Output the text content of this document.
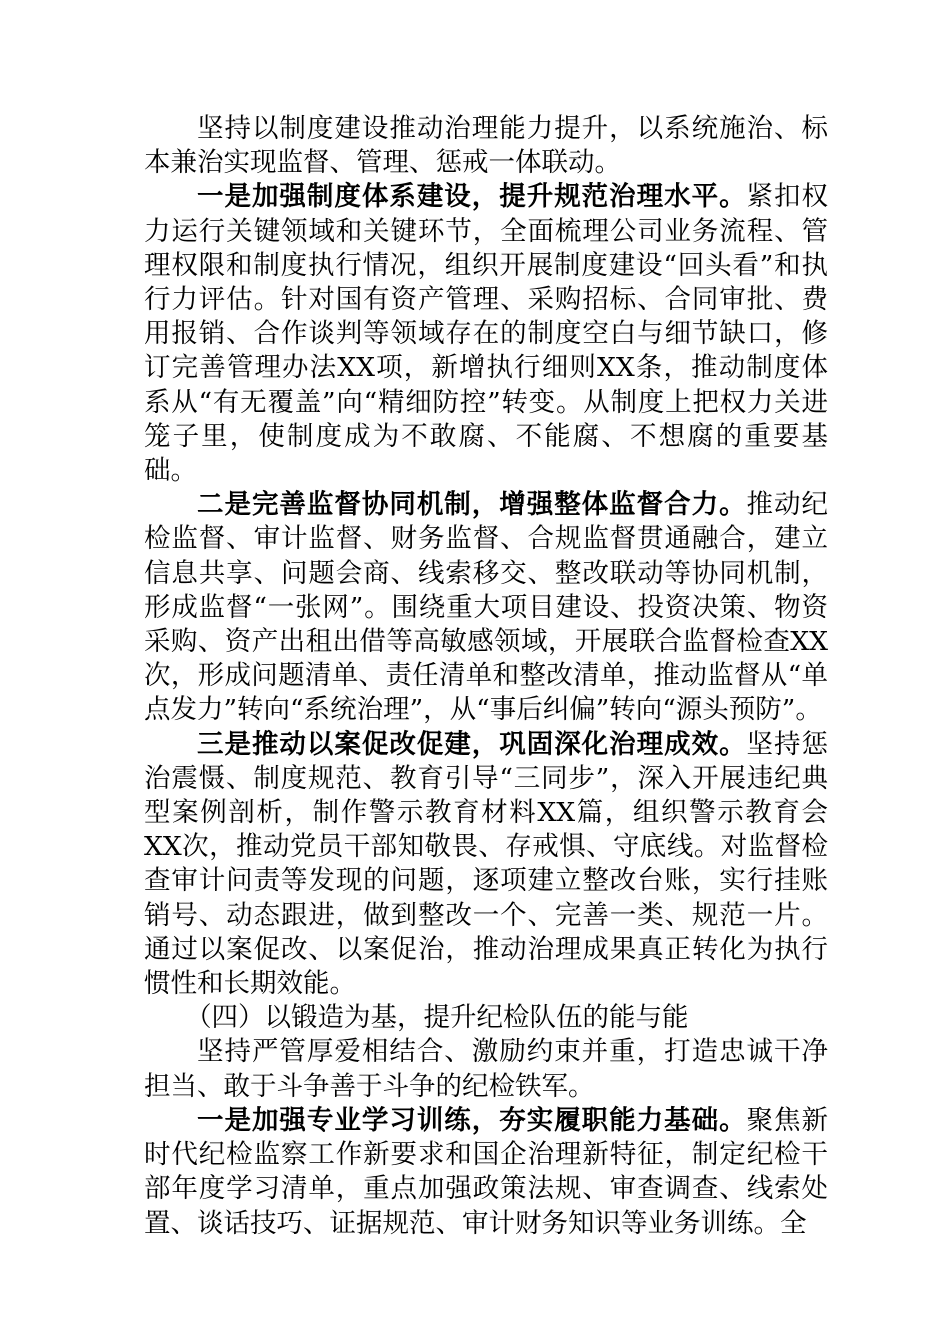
坚持以制度建设推动治理能力提升，以系统施治、标本兼治实现监督、管理、惩戒一体联动。

一是加强制度体系建设，提升规范治理水平。紧扣权力运行关键领域和关键环节，全面梳理公司业务流程、管理权限和制度执行情况，组织开展制度建设“回头看”和执行力评估。针对国有资产管理、采购招标、合同审批、费用报销、合作谈判等领域存在的制度空白与细节缺口，修订完善管理办法XX项，新增执行细则XX条，推动制度体系从“有无覆盖”向“精细防控”转变。从制度上把权力关进笼子里，使制度成为不敢腐、不能腐、不想腐的重要基础。

二是完善监督协同机制，增强整体监督合力。推动纪检监督、审计监督、财务监督、合规监督贯通融合，建立信息共享、问题会商、线索移交、整改联动等协同机制，形成监督“一张网”。围绕重大项目建设、投资决策、物资采购、资产出租出借等高敏感领域，开展联合监督检查XX次，形成问题清单、责任清单和整改清单，推动监督从“单点发力”转向“系统治理”，从“事后纠偏”转向“源头预防”。

三是推动以案促改促建，巩固深化治理成效。坚持惩治震慑、制度规范、教育引导“三同步”，深入开展违纪典型案例剖析，制作警示教育材料XX篇，组织警示教育会XX次，推动党员干部知敬畏、存戒惧、守底线。对监督检查审计问责等发现的问题，逐项建立整改台账，实行挂账销号、动态跟进，做到整改一个、完善一类、规范一片。通过以案促改、以案促治，推动治理成果真正转化为执行惯性和长期效能。

（四）以锻造为基，提升纪检队伍的能与能

坚持严管厚爱相结合、激励约束并重，打造忠诚干净担当、敢于斗争善于斗争的纪检铁军。

一是加强专业学习训练，夯实履职能力基础。聚焦新时代纪检监察工作新要求和国企治理新特征，制定纪检干部年度学习清单，重点加强政策法规、审查调查、线索处置、谈话技巧、证据规范、审计财务知识等业务训练。全
